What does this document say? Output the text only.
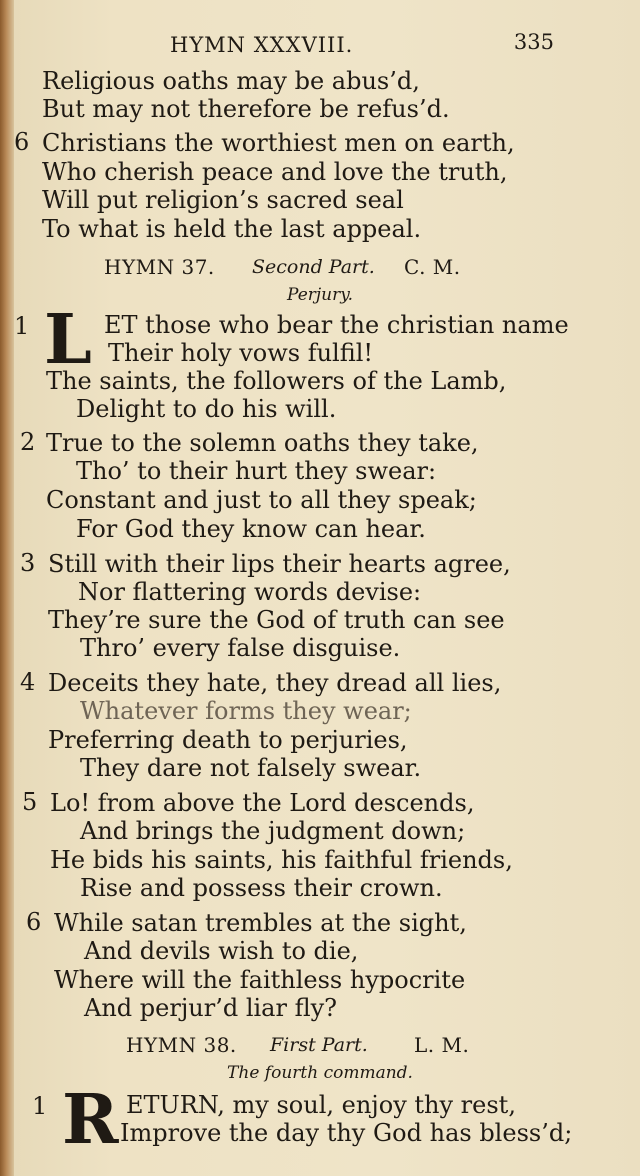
HYMN XXXVIII.	335
Religious oaths may be abus’d,
But may not therefore be refus’d.
6 Christians the worthiest men on earth,
Who cherish peace and love the truth,
Will put religion’s sacred seal
To what is held the last appeal.
HYMN 37. Second Part. C. M.
Perjury.
1 L ET those who bear the christian name
Their holy vows fulfil!
The saints, the followers of the Lamb,
Delight to do his will.
2 True to the solemn oaths they take,
Tho’ to their hurt they swear:
Constant and just to all they speak;
For God they know can hear.
3 Still with their lips their hearts agree,
Nor flattering words devise:
They’re sure the God of truth can see
Thro’ every false disguise.
4 Deceits they hate, they dread all lies,
Whatever forms they wear;
Preferring death to perjuries,
They dare not falsely swear.
5 Lo! from above the Lord descends,
And brings the judgment down;
He bids his saints, his faithful friends,
Rise and possess their crown.
6 While satan trembles at the sight,
And devils wish to die,
Where will the faithless hypocrite
And perjur’d liar fly?
HYMN 38. First Part. L. M.
The fourth command.
1 R ETURN, my soul, enjoy thy rest,
Improve the day thy God has bless’d;
